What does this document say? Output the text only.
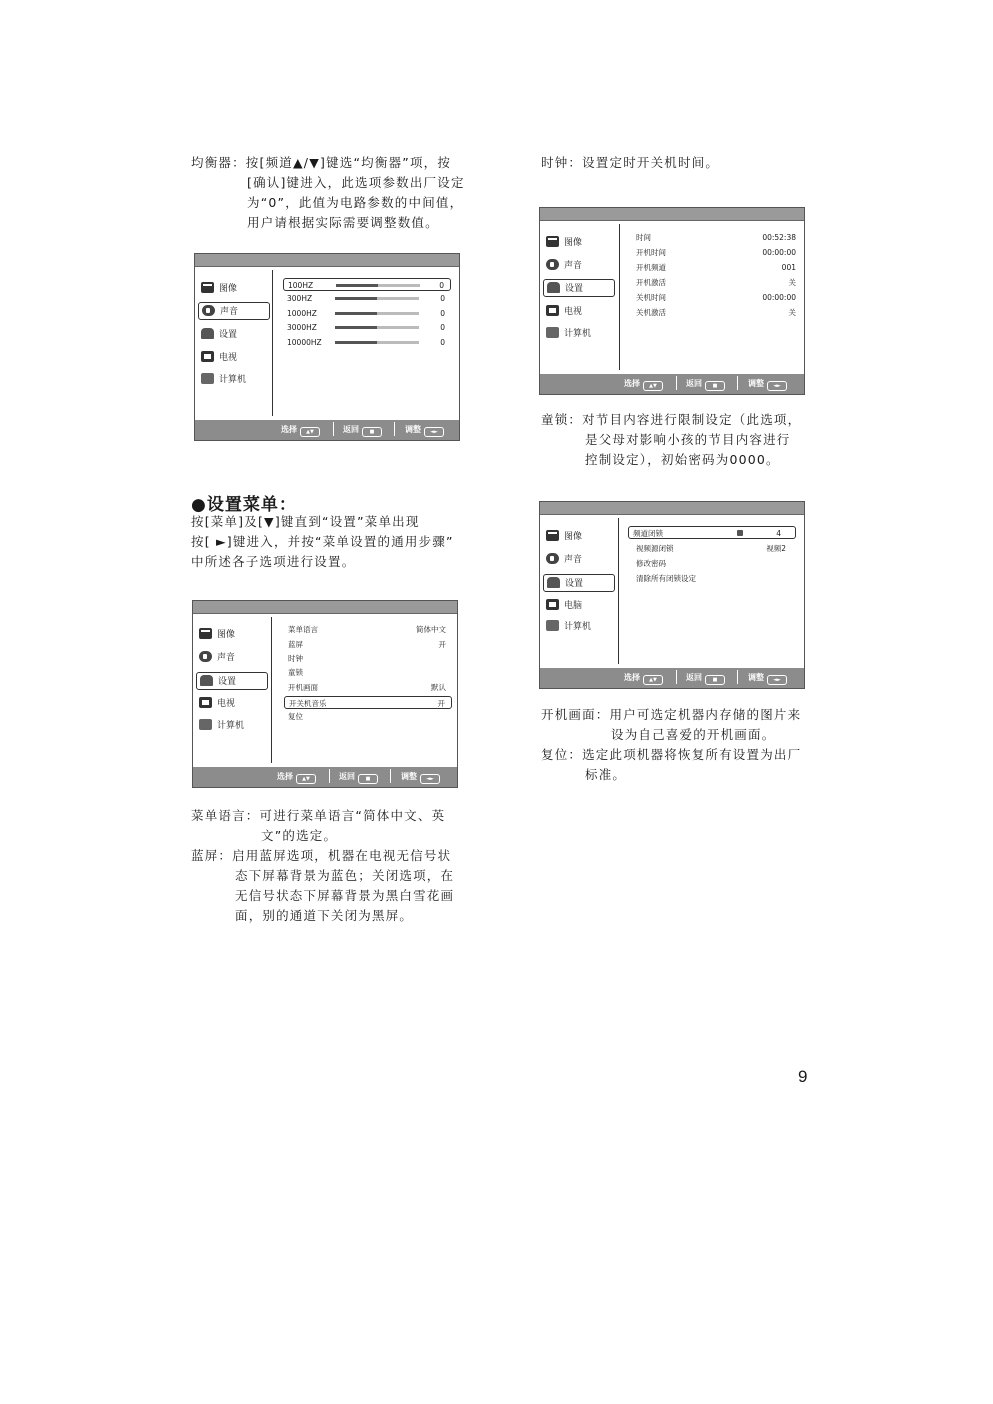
均衡器：按[频道▲/▼]键选“均衡器”项，按
[确认]键进入，此选项参数出厂设定
为“0”，此值为电路参数的中间值，
用户请根据实际需要调整数值。
图像
声音
设置
电视
计算机
100HZ	0
300HZ	0
1000HZ	0
3000HZ	0
10000HZ	0
选择 ▲▼	返回 ■	调整 ◄►
时钟：设置定时开关机时间。
图像
声音
设置
电视
计算机
时间	00:52:38
开机时间	00:00:00
开机频道	001
开机激活	关
关机时间	00:00:00
关机激活	关
选择 ▲▼	返回 ■	调整 ◄►
童锁：对节目内容进行限制设定（此选项，
是父母对影响小孩的节目内容进行
控制设定），初始密码为0000。
●设置菜单：
按[菜单]及[▼]键直到“设置”菜单出现
按[ ►]键进入，并按“菜单设置的通用步骤”
中所述各子选项进行设置。
图像
声音
设置
电视
计算机
菜单语言	简体中文
蓝屏	开
时钟
童锁
开机画面	默认
开关机音乐	开
复位
选择 ▲▼	返回 ■	调整 ◄►
图像
声音
设置
电脑
计算机
频道闭锁	4
视频源闭锁	视频2
修改密码
清除所有闭锁设定
选择 ▲▼	返回 ■	调整 ◄►
开机画面：用户可选定机器内存储的图片来
设为自己喜爱的开机画面。
复位：选定此项机器将恢复所有设置为出厂
标准。
菜单语言：可进行菜单语言“简体中文、英
文”的选定。
蓝屏：启用蓝屏选项，机器在电视无信号状
态下屏幕背景为蓝色；关闭选项，在
无信号状态下屏幕背景为黑白雪花画
面，别的通道下关闭为黑屏。
9
